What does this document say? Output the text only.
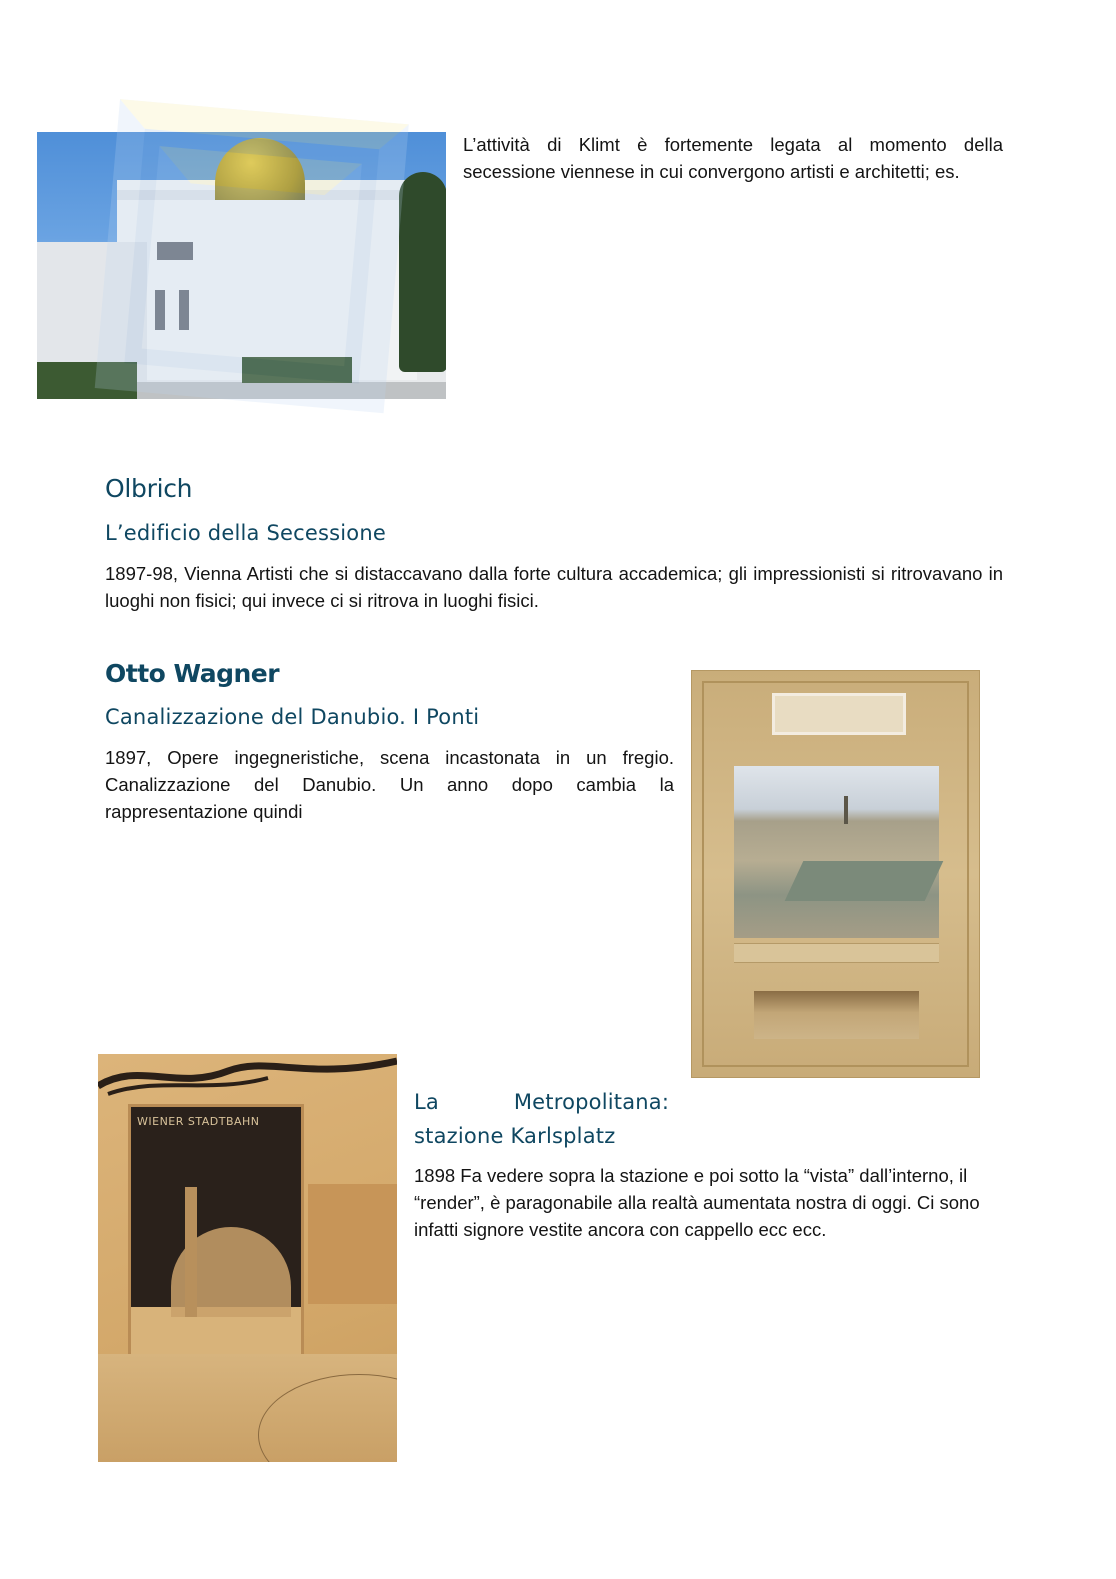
L’attività di Klimt è fortemente legata al momento della secessione viennese in cui convergono artisti e architetti; es.

Olbrich
L’edificio della Secessione

1897-98, Vienna Artisti che si distaccavano dalla forte cultura accademica; gli impressionisti si ritrovavano in luoghi non fisici; qui invece ci si ritrova in luoghi fisici.

Otto Wagner
Canalizzazione del Danubio. I Ponti

1897, Opere ingegneristiche, scena incastonata in un fregio. Canalizzazione del Danubio. Un anno dopo cambia la rappresentazione quindi

WIENER STADTBAHN
La Metropolitana:
stazione Karlsplatz

1898 Fa vedere sopra la stazione e poi sotto la “vista” dall’interno, il “render”, è paragonabile alla realtà aumentata nostra di oggi. Ci sono infatti signore vestite ancora con cappello ecc ecc.
